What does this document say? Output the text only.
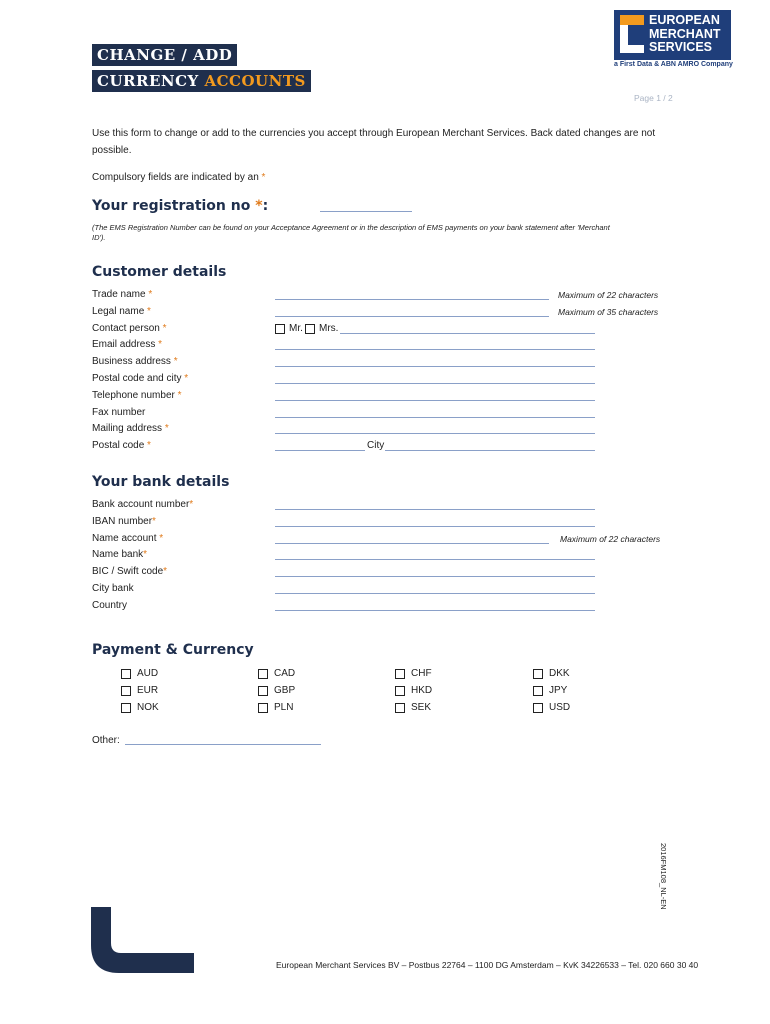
CHANGE / ADD
CURRENCY ACCOUNTS
EUROPEAN
MERCHANT
SERVICES
a First Data & ABN AMRO Company
Page 1 / 2
Use this form to change or add to the currencies you accept through European Merchant Services. Back dated changes are not
possible.
Compulsory fields are indicated by an *
Your registration no *:
(The EMS Registration Number can be found on your Acceptance Agreement or in the description of EMS payments on your bank statement after 'Merchant
ID').
Customer details
Trade name *	Maximum of 22 characters
Legal name *	Maximum of 35 characters
Contact person *	Mr. Mrs.
Email address *
Business address *
Postal code and city *
Telephone number *
Fax number
Mailing address *
Postal code *	City
Your bank details
Bank account number*
IBAN number*
Name account *	Maximum of 22 characters
Name bank*
BIC / Swift code*
City bank
Country
Payment & Currency
AUD	CAD	CHF	DKK
EUR	GBP	HKD	JPY
NOK	PLN	SEK	USD
Other:
2016FM108_NL-EN
European Merchant Services BV – Postbus 22764 – 1100 DG Amsterdam – KvK 34226533 – Tel. 020 660 30 40
